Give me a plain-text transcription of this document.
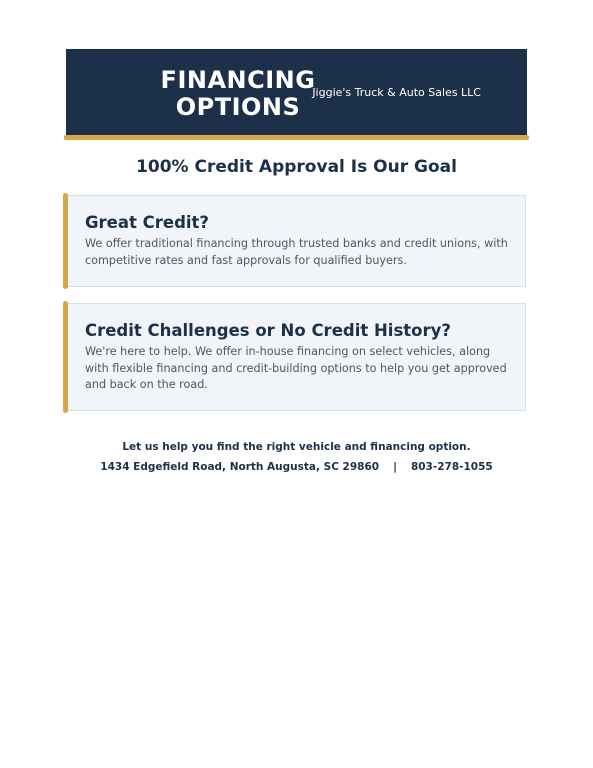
FINANCING
OPTIONS
Jiggie's Truck & Auto Sales LLC
100% Credit Approval Is Our Goal
Great Credit?
We offer traditional financing through trusted banks and credit unions, with competitive rates and fast approvals for qualified buyers.
Credit Challenges or No Credit History?
We're here to help. We offer in-house financing on select vehicles, along with flexible financing and credit-building options to help you get approved and back on the road.
Let us help you find the right vehicle and financing option.
1434 Edgefield Road, North Augusta, SC 29860 | 803-278-1055
